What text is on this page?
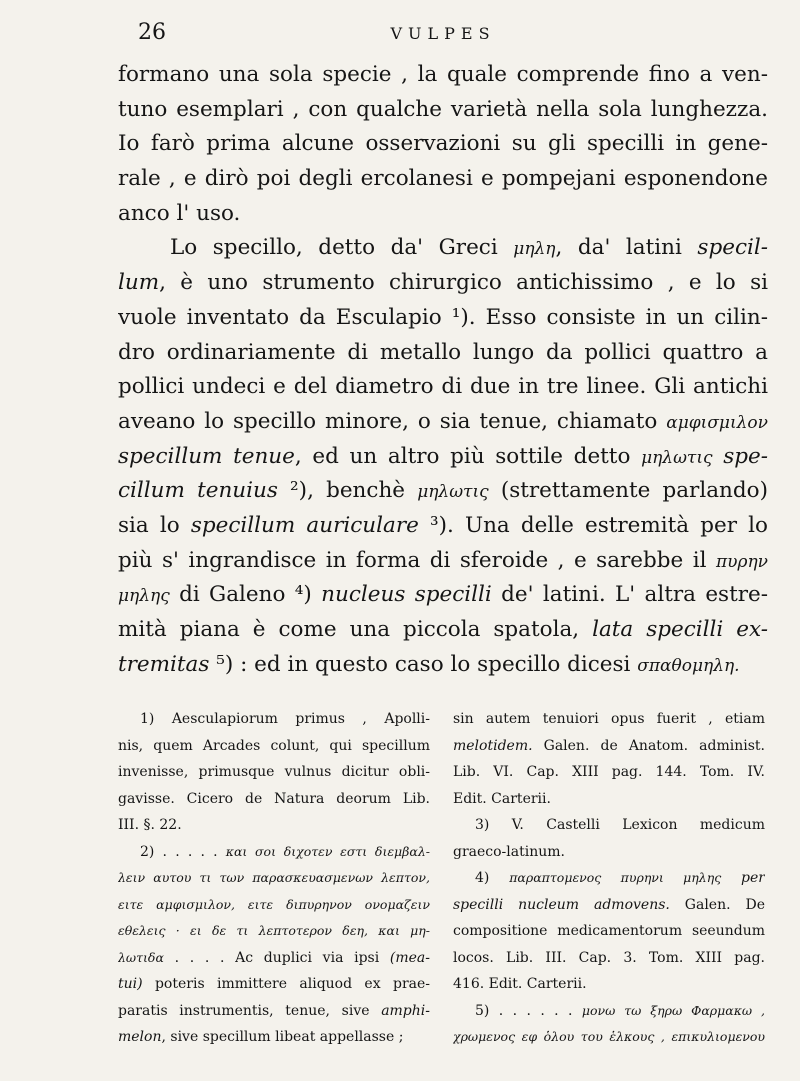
26	VULPES
formano una sola specie , la quale comprende fino a ven-
tuno esemplari , con qualche varietà nella sola lunghezza.
Io farò prima alcune osservazioni su gli specilli in gene-
rale , e dirò poi degli ercolanesi e pompejani esponendone
anco l' uso.
Lo specillo, detto da' Greci μηλη, da' latini specil-
lum, è uno strumento chirurgico antichissimo , e lo si
vuole inventato da Esculapio ¹). Esso consiste in un cilin-
dro ordinariamente di metallo lungo da pollici quattro a
pollici undeci e del diametro di due in tre linee. Gli antichi
aveano lo specillo minore, o sia tenue, chiamato αμφισμιλον
specillum tenue, ed un altro più sottile detto μηλωτις spe-
cillum tenuius ²), benchè μηλωτις (strettamente parlando)
sia lo specillum auriculare ³). Una delle estremità per lo
più s' ingrandisce in forma di sferoide , e sarebbe il πυρην
μηλης di Galeno ⁴) nucleus specilli de' latini. L' altra estre-
mità piana è come una piccola spatola, lata specilli ex-
tremitas ⁵) : ed in questo caso lo specillo dicesi σπαθομηλη.
1) Aesculapiorum primus , Apolli-
nis, quem Arcades colunt, qui specillum
invenisse, primusque vulnus dicitur obli-
gavisse. Cicero de Natura deorum Lib.
III. §. 22.
2) . . . . . και σοι διχοτεν εστι διεμβαλ-
λειν αυτου τι των παρασκευασμενων λεπτον,
ειτε αμφισμιλον, ειτε διπυρηνον ονομαζειν
εθελεις · ει δε τι λεπτοτερον δεη, και μη-
λωτιδα . . . . Ac duplici via ipsi (mea-
tui) poteris immittere aliquod ex prae-
paratis instrumentis, tenue, sive amphi-
melon, sive specillum libeat appellasse ;
sin autem tenuiori opus fuerit , etiam
melotidem. Galen. de Anatom. administ.
Lib. VI. Cap. XIII pag. 144. Tom. IV.
Edit. Carterii.
3) V. Castelli Lexicon medicum
graeco-latinum.
4) παραπτομενος πυρηνι μηλης per
specilli nucleum admovens. Galen. De
compositione medicamentorum seeundum
locos. Lib. III. Cap. 3. Tom. XIII pag.
416. Edit. Carterii.
5) . . . . . . μονω τω ξηρω Φαρμακω ,
χρωμενος εφ ὁλου του ἑλκους , επικυλιομενου
